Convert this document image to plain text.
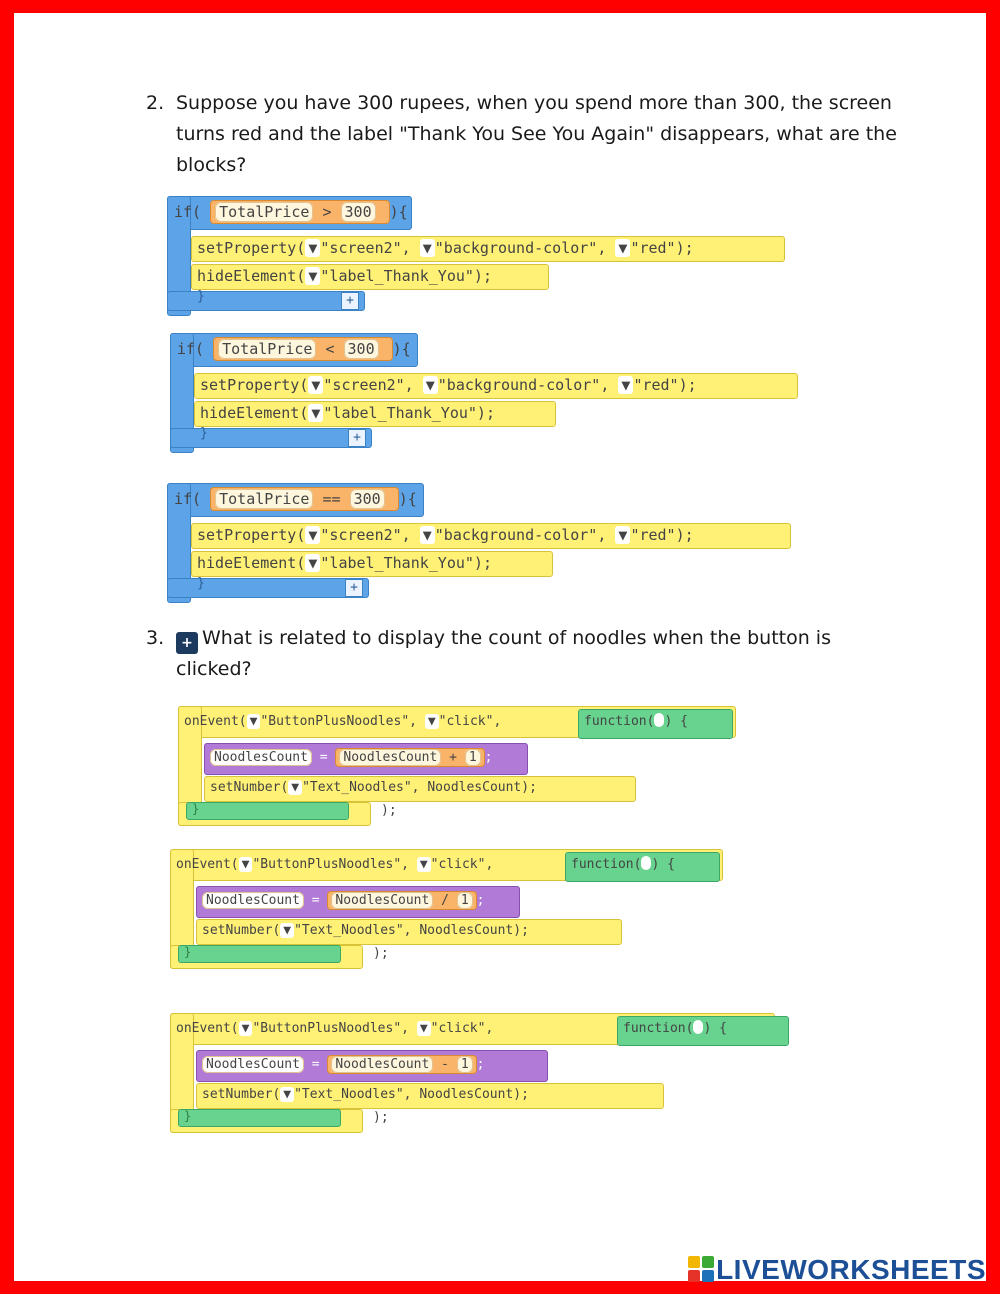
2. Suppose you have 300 rupees, when you spend more than 300, the screen turns red and the label "Thank You See You Again" disappears, what are the blocks?
if( TotalPrice > 300 ){
setProperty( ▼ "screen2", ▼ "background-color", ▼ "red");
hideElement( ▼ "label_Thank_You");
}	+
if( TotalPrice < 300 ){
setProperty( ▼ "screen2", ▼ "background-color", ▼ "red");
hideElement( ▼ "label_Thank_You");
}	+
if( TotalPrice == 300 ){
setProperty( ▼ "screen2", ▼ "background-color", ▼ "red");
hideElement( ▼ "label_Thank_You");
}	+
3.	+ What is related to display the count of noodles when the button is clicked?
onEvent( ▼ "ButtonPlusNoodles", ▼ "click",	function( ) {
NoodlesCount = NoodlesCount + 1 ;
setNumber( ▼ "Text_Noodles", NoodlesCount);
}	);
onEvent( ▼ "ButtonPlusNoodles", ▼ "click",	function( ) {
NoodlesCount = NoodlesCount / 1 ;
setNumber( ▼ "Text_Noodles", NoodlesCount);
}	);
onEvent( ▼ "ButtonPlusNoodles", ▼ "click",	function( ) {
NoodlesCount = NoodlesCount - 1 ;
setNumber( ▼ "Text_Noodles", NoodlesCount);
}	);
LIVEWORKSHEETS
